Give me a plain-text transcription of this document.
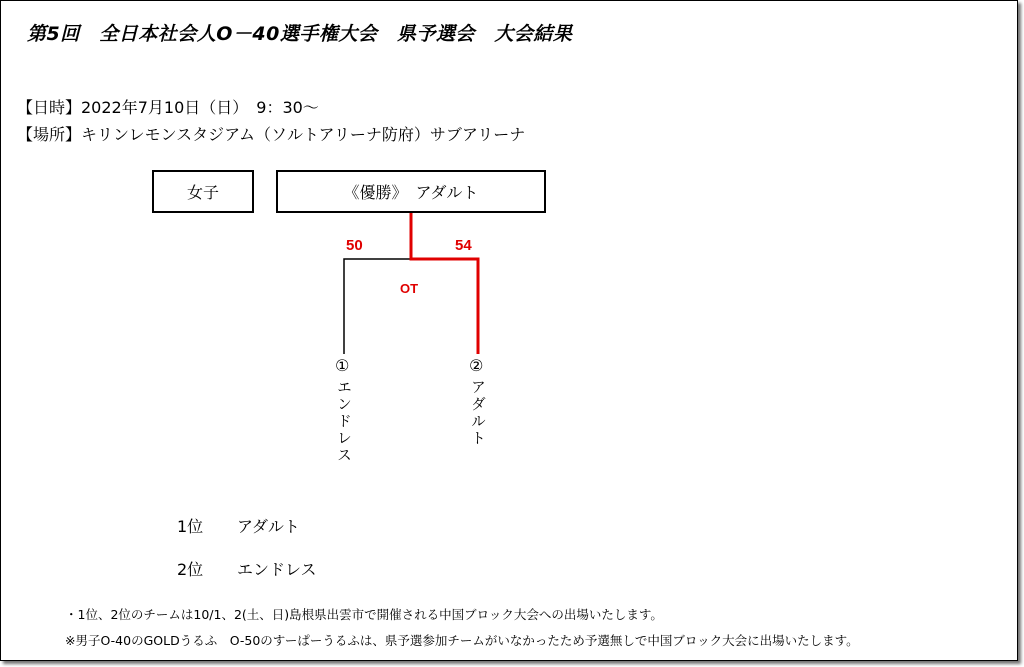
第5回　全日本社会人O－40選手権大会　県予選会　大会結果
【日時】2022年7月10日（日）　9：30～
【場所】キリンレモンスタジアム（ソルトアリーナ防府）サブアリーナ
女子	《優勝》　アダルト
50	54
OT
①
エンドレス
②
アダルト
1位 アダルト
2位 エンドレス
・1位、2位のチームは10/1、2(土、日)島根県出雲市で開催される中国ブロック大会への出場いたします。
※男子O-40のGOLDうるふ　O-50のすーぱーうるふは、県予選参加チームがいなかったため予選無しで中国ブロック大会に出場いたします。
